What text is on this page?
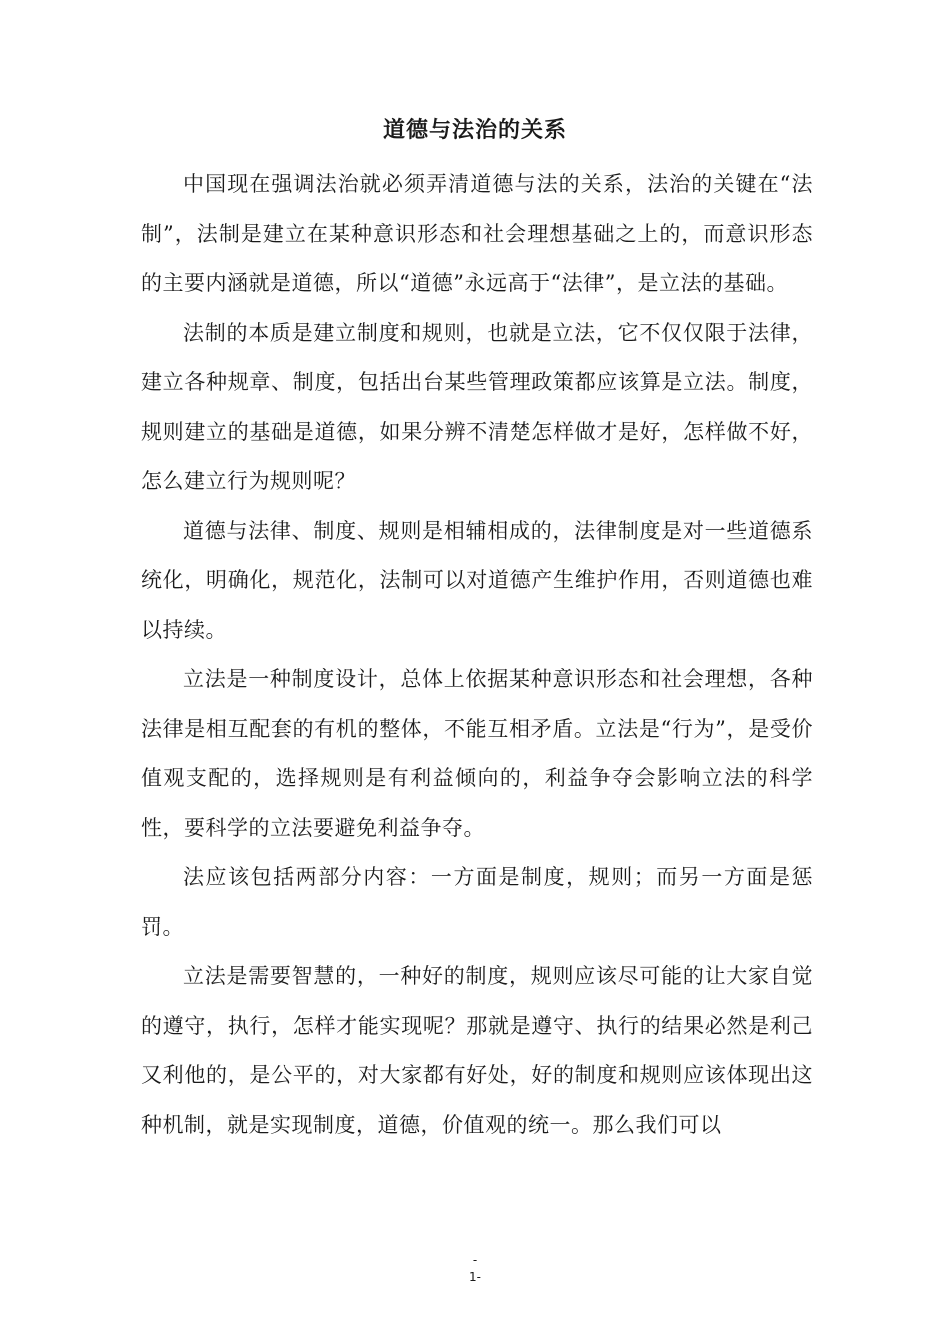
道德与法治的关系

中国现在强调法治就必须弄清道德与法的关系，法治的关键在“法制”，法制是建立在某种意识形态和社会理想基础之上的，而意识形态的主要内涵就是道德，所以“道德”永远高于“法律”，是立法的基础。

法制的本质是建立制度和规则，也就是立法，它不仅仅限于法律，建立各种规章、制度，包括出台某些管理政策都应该算是立法。制度，规则建立的基础是道德，如果分辨不清楚怎样做才是好，怎样做不好，怎么建立行为规则呢？

道德与法律、制度、规则是相辅相成的，法律制度是对一些道德系统化，明确化，规范化，法制可以对道德产生维护作用，否则道德也难以持续。

立法是一种制度设计，总体上依据某种意识形态和社会理想，各种法律是相互配套的有机的整体，不能互相矛盾。立法是“行为”，是受价值观支配的，选择规则是有利益倾向的，利益争夺会影响立法的科学性，要科学的立法要避免利益争夺。

法应该包括两部分内容：一方面是制度，规则；而另一方面是惩罚。

立法是需要智慧的，一种好的制度，规则应该尽可能的让大家自觉的遵守，执行，怎样才能实现呢？那就是遵守、执行的结果必然是利己又利他的，是公平的，对大家都有好处，好的制度和规则应该体现出这种机制，就是实现制度，道德，价值观的统一。那么我们可以

-
1-
